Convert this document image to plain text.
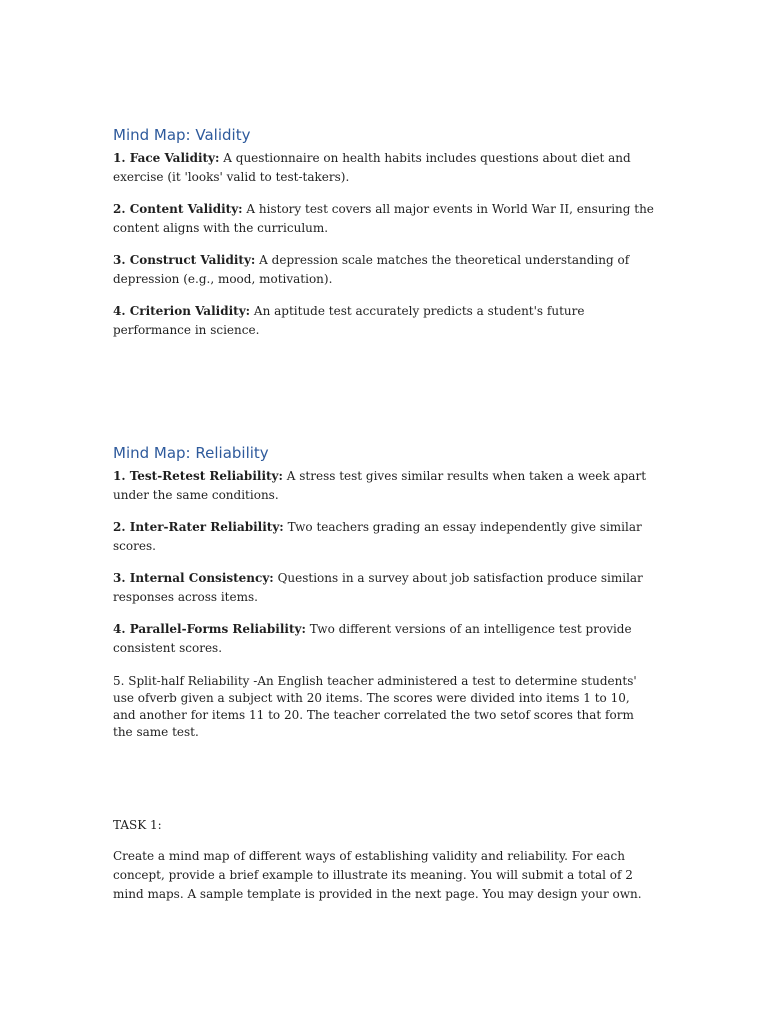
Mind Map: Validity

1. Face Validity: A questionnaire on health habits includes questions about diet and exercise (it 'looks' valid to test-takers).

2. Content Validity: A history test covers all major events in World War II, ensuring the content aligns with the curriculum.

3. Construct Validity: A depression scale matches the theoretical understanding of depression (e.g., mood, motivation).

4. Criterion Validity: An aptitude test accurately predicts a student's future performance in science.

Mind Map: Reliability

1. Test-Retest Reliability: A stress test gives similar results when taken a week apart under the same conditions.

2. Inter-Rater Reliability: Two teachers grading an essay independently give similar scores.

3. Internal Consistency: Questions in a survey about job satisfaction produce similar responses across items.

4. Parallel-Forms Reliability: Two different versions of an intelligence test provide consistent scores.

5. Split-half Reliability -An English teacher administered a test to determine students' use ofverb given a subject with 20 items. The scores were divided into items 1 to 10, and another for items 11 to 20. The teacher correlated the two setof scores that form the same test.

TASK 1:

Create a mind map of different ways of establishing validity and reliability. For each concept, provide a brief example to illustrate its meaning. You will submit a total of 2 mind maps. A sample template is provided in the next page. You may design your own.
